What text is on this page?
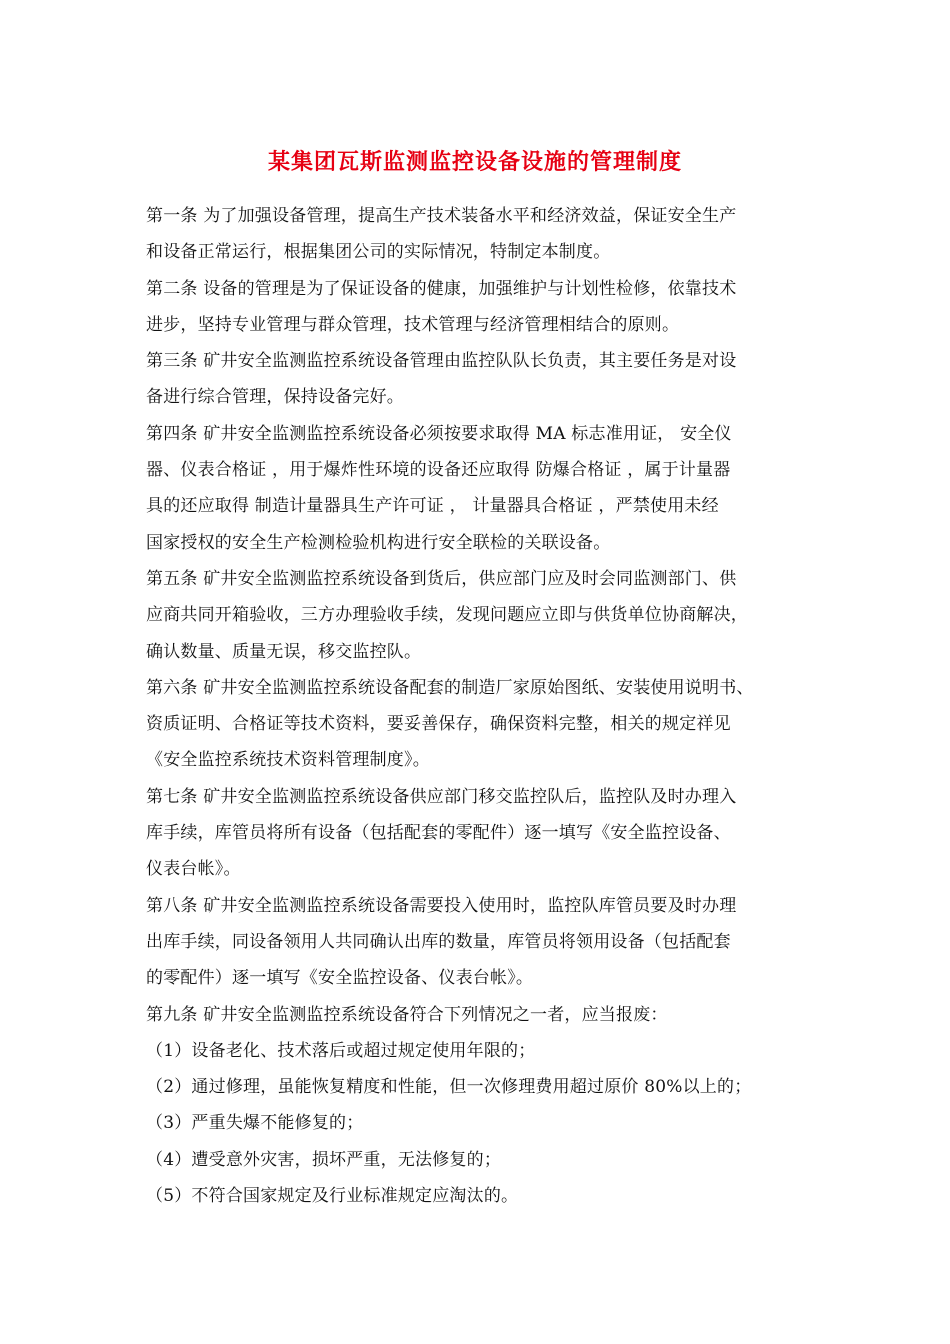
某集团瓦斯监测监控设备设施的管理制度
第一条 为了加强设备管理，提高生产技术装备水平和经济效益，保证安全生产
和设备正常运行，根据集团公司的实际情况，特制定本制度。
第二条 设备的管理是为了保证设备的健康，加强维护与计划性检修，依靠技术
进步，坚持专业管理与群众管理，技术管理与经济管理相结合的原则。
第三条 矿井安全监测监控系统设备管理由监控队队长负责，其主要任务是对设
备进行综合管理，保持设备完好。
第四条 矿井安全监测监控系统设备必须按要求取得 MA 标志准用证， 安全仪
器、仪表合格证 ，用于爆炸性环境的设备还应取得 防爆合格证 ，属于计量器
具的还应取得 制造计量器具生产许可证 ， 计量器具合格证 ，严禁使用未经
国家授权的安全生产检测检验机构进行安全联检的关联设备。
第五条 矿井安全监测监控系统设备到货后，供应部门应及时会同监测部门、供
应商共同开箱验收，三方办理验收手续，发现问题应立即与供货单位协商解决，
确认数量、质量无误，移交监控队。
第六条 矿井安全监测监控系统设备配套的制造厂家原始图纸、安装使用说明书、
资质证明、合格证等技术资料，要妥善保存，确保资料完整，相关的规定祥见
《安全监控系统技术资料管理制度》。
第七条 矿井安全监测监控系统设备供应部门移交监控队后，监控队及时办理入
库手续，库管员将所有设备（包括配套的零配件）逐一填写《安全监控设备、
仪表台帐》。
第八条 矿井安全监测监控系统设备需要投入使用时，监控队库管员要及时办理
出库手续，同设备领用人共同确认出库的数量，库管员将领用设备（包括配套
的零配件）逐一填写《安全监控设备、仪表台帐》。
第九条 矿井安全监测监控系统设备符合下列情况之一者，应当报废：
（1）设备老化、技术落后或超过规定使用年限的；
（2）通过修理，虽能恢复精度和性能，但一次修理费用超过原价 80%以上的；
（3）严重失爆不能修复的；
（4）遭受意外灾害，损坏严重，无法修复的；
（5）不符合国家规定及行业标准规定应淘汰的。
